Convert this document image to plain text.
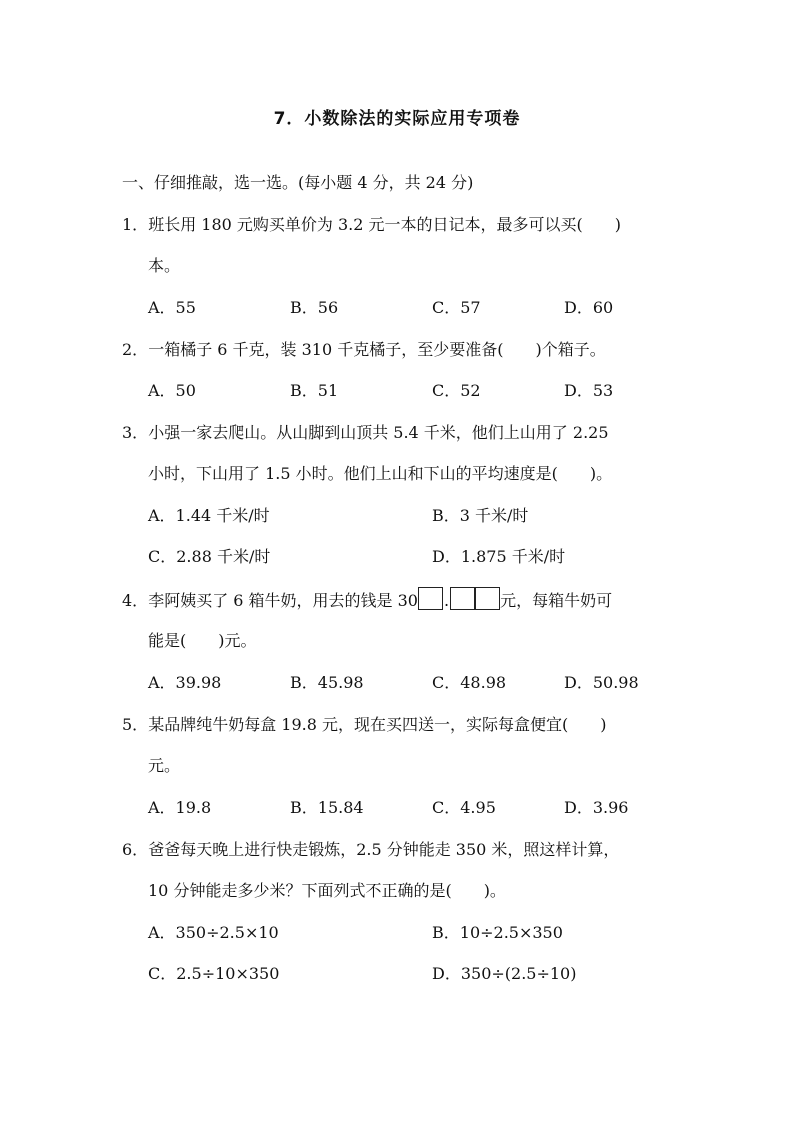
7．小数除法的实际应用专项卷
一、仔细推敲，选一选。(每小题 4 分，共 24 分)
1．班长用 180 元购买单价为 3.2 元一本的日记本，最多可以买(　　)
本。
A．55	B．56	C．57	D．60
2．一箱橘子 6 千克，装 310 千克橘子，至少要准备(　　)个箱子。
A．50	B．51	C．52	D．53
3．小强一家去爬山。从山脚到山顶共 5.4 千米，他们上山用了 2.25
小时，下山用了 1.5 小时。他们上山和下山的平均速度是(　　)。
A．1.44 千米/时	B．3 千米/时
C．2.88 千米/时	D．1.875 千米/时
4．李阿姨买了 6 箱牛奶，用去的钱是 30 .	元，每箱牛奶可
能是(　　)元。
A．39.98	B．45.98	C．48.98	D．50.98
5．某品牌纯牛奶每盒 19.8 元，现在买四送一，实际每盒便宜(　　)
元。
A．19.8	B．15.84	C．4.95	D．3.96
6．爸爸每天晚上进行快走锻炼，2.5 分钟能走 350 米，照这样计算，
10 分钟能走多少米？下面列式不正确的是(　　)。
A．350÷2.5×10	B．10÷2.5×350
C．2.5÷10×350	D．350÷(2.5÷10)
